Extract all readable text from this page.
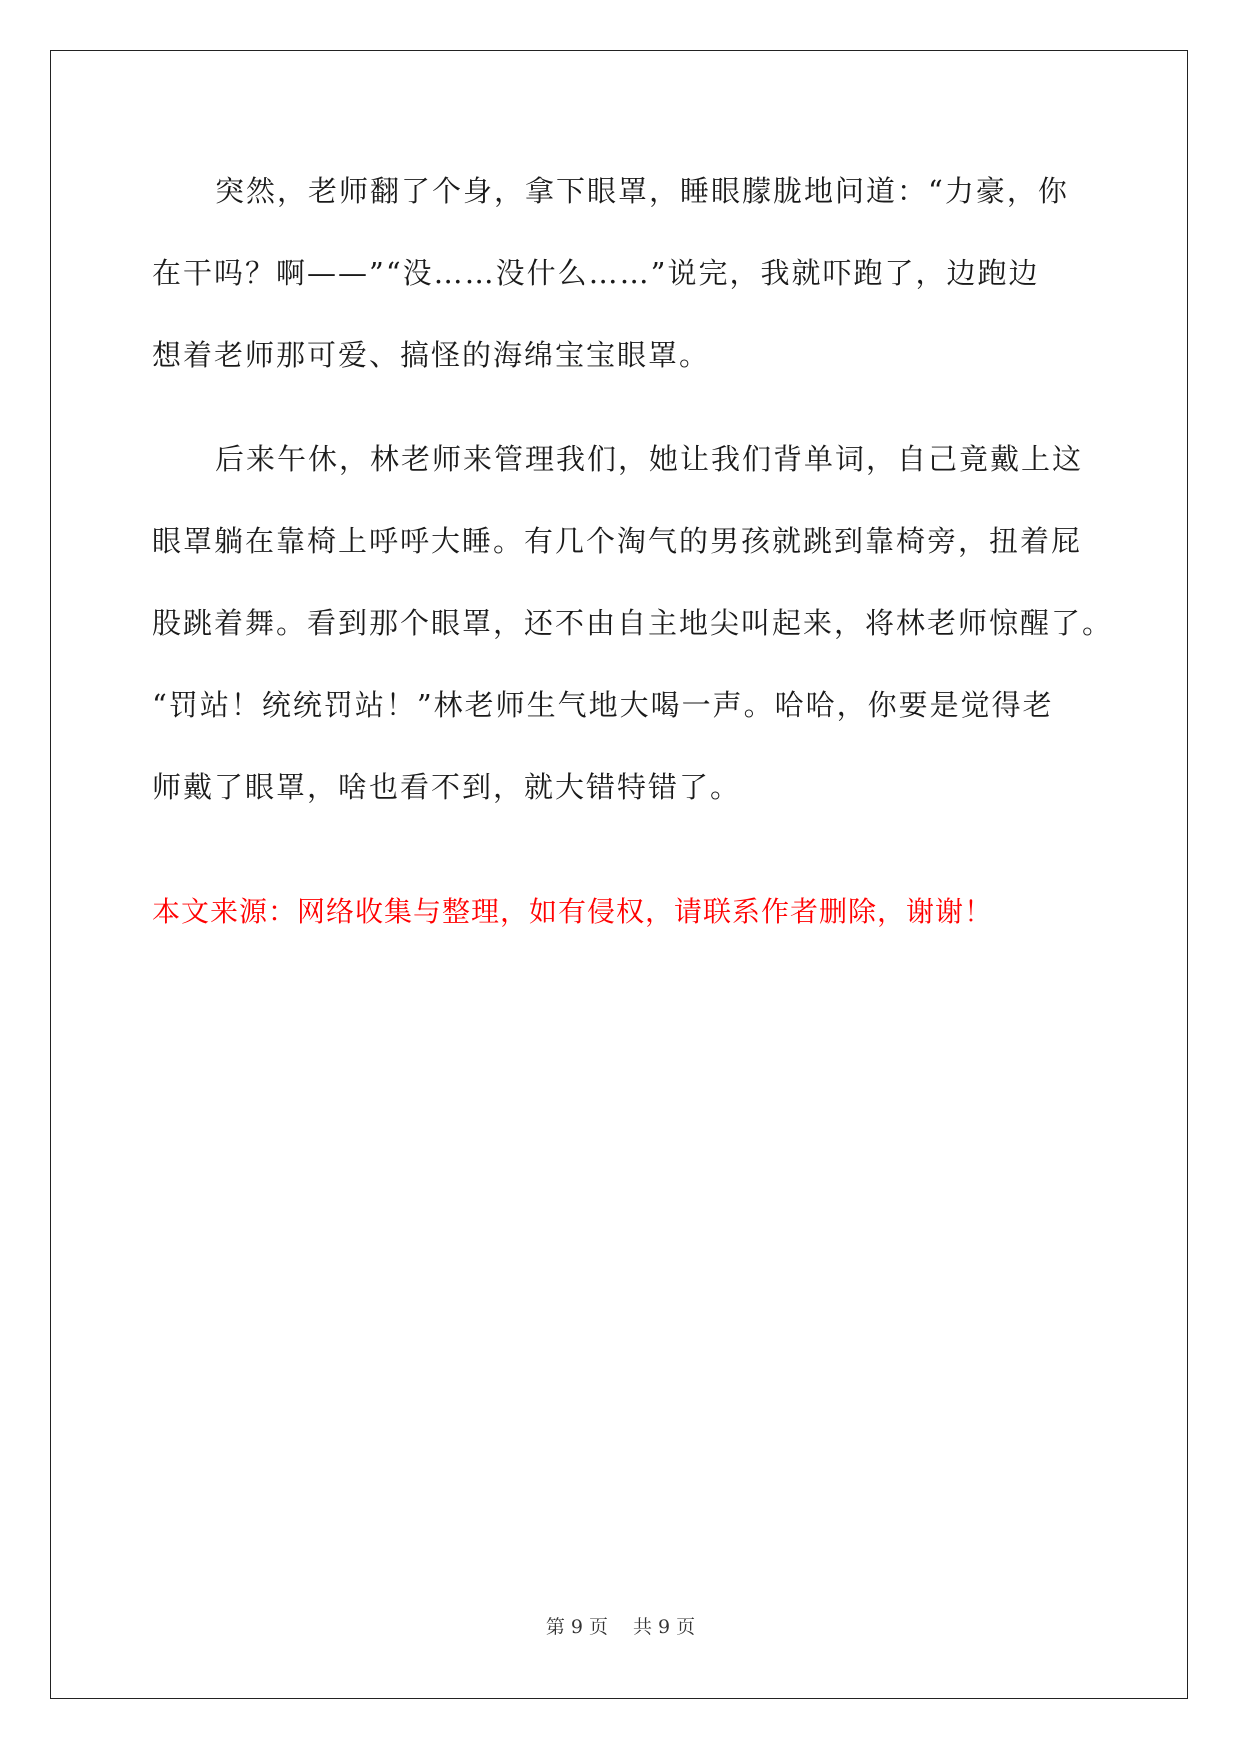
突然，老师翻了个身，拿下眼罩，睡眼朦胧地问道：“力豪，你
在干吗？啊——”“没……没什么……”说完，我就吓跑了，边跑边
想着老师那可爱、搞怪的海绵宝宝眼罩。
后来午休，林老师来管理我们，她让我们背单词，自己竟戴上这
眼罩躺在靠椅上呼呼大睡。有几个淘气的男孩就跳到靠椅旁，扭着屁
股跳着舞。看到那个眼罩，还不由自主地尖叫起来，将林老师惊醒了。
“罚站！统统罚站！”林老师生气地大喝一声。哈哈，你要是觉得老
师戴了眼罩，啥也看不到，就大错特错了。
本文来源：网络收集与整理，如有侵权，请联系作者删除，谢谢！
第 9 页　 共 9 页
